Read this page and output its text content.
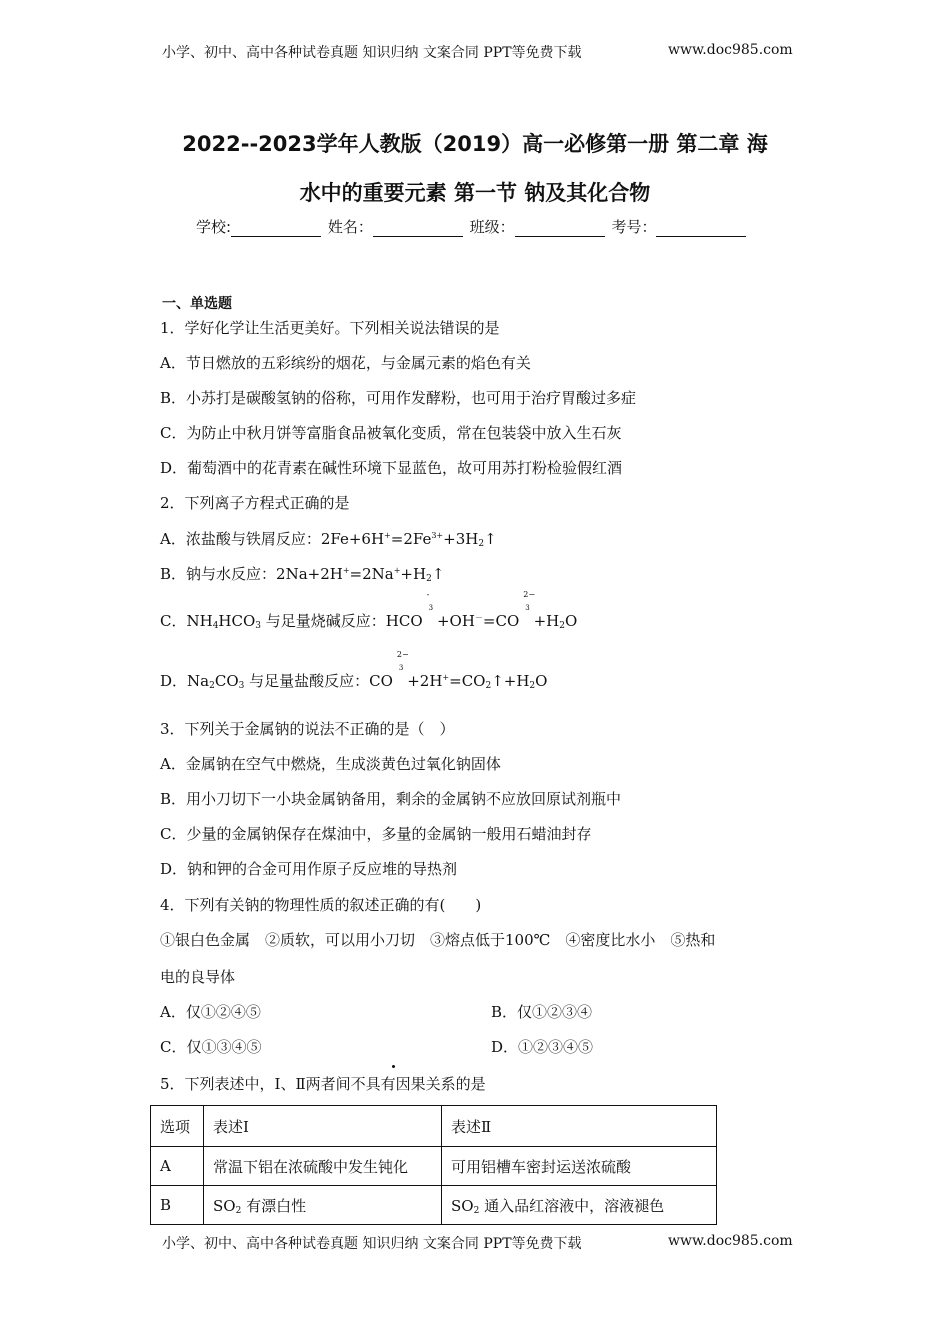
小学、初中、高中各种试卷真题 知识归纳 文案合同 PPT等免费下载	www.doc985.com
2022--2023学年人教版（2019）高一必修第一册 第二章 海
水中的重要元素 第一节 钠及其化合物
学校:	姓名：	班级：	考号：
一、单选题
1．学好化学让生活更美好。下列相关说法错误的是
A．节日燃放的五彩缤纷的烟花，与金属元素的焰色有关
B．小苏打是碳酸氢钠的俗称，可用作发酵粉，也可用于治疗胃酸过多症
C．为防止中秋月饼等富脂食品被氧化变质，常在包装袋中放入生石灰
D．葡萄酒中的花青素在碱性环境下显蓝色，故可用苏打粉检验假红酒
2．下列离子方程式正确的是
A．浓盐酸与铁屑反应：$2Fe+6H^+=2Fe^{3+}+3H_2↑$
B．钠与水反应：$2Na+2H^+=2Na^++H_2↑$
C．$NH_4HCO_3$ 与足量烧碱反应：HCO
3
-
+OH－=CO
3
2−
$+H_2O$
D．$Na_2CO_3$ 与足量盐酸反应：CO
3
2−
$+2H^+=CO_2↑+H_2O$
3．下列关于金属钠的说法不正确的是（　）
A．金属钠在空气中燃烧，生成淡黄色过氧化钠固体
B．用小刀切下一小块金属钠备用，剩余的金属钠不应放回原试剂瓶中
C．少量的金属钠保存在煤油中，多量的金属钠一般用石蜡油封存
D．钠和钾的合金可用作原子反应堆的导热剂
4．下列有关钠的物理性质的叙述正确的有(　　)
①银白色金属　②质软，可以用小刀切　③熔点低于100℃　④密度比水小　⑤热和
电的良导体
A．仅①②④⑤	B．仅①②③④
C．仅①③④⑤	D．①②③④⑤
5．下列表述中，Ⅰ、Ⅱ两者间不具有因果关系的是
选项	表述Ⅰ	表述Ⅱ
A	常温下铝在浓硫酸中发生钝化	可用铝槽车密封运送浓硫酸
B	$SO_2$ 有漂白性	$SO_2$ 通入品红溶液中，溶液褪色
小学、初中、高中各种试卷真题 知识归纳 文案合同 PPT等免费下载	www.doc985.com
